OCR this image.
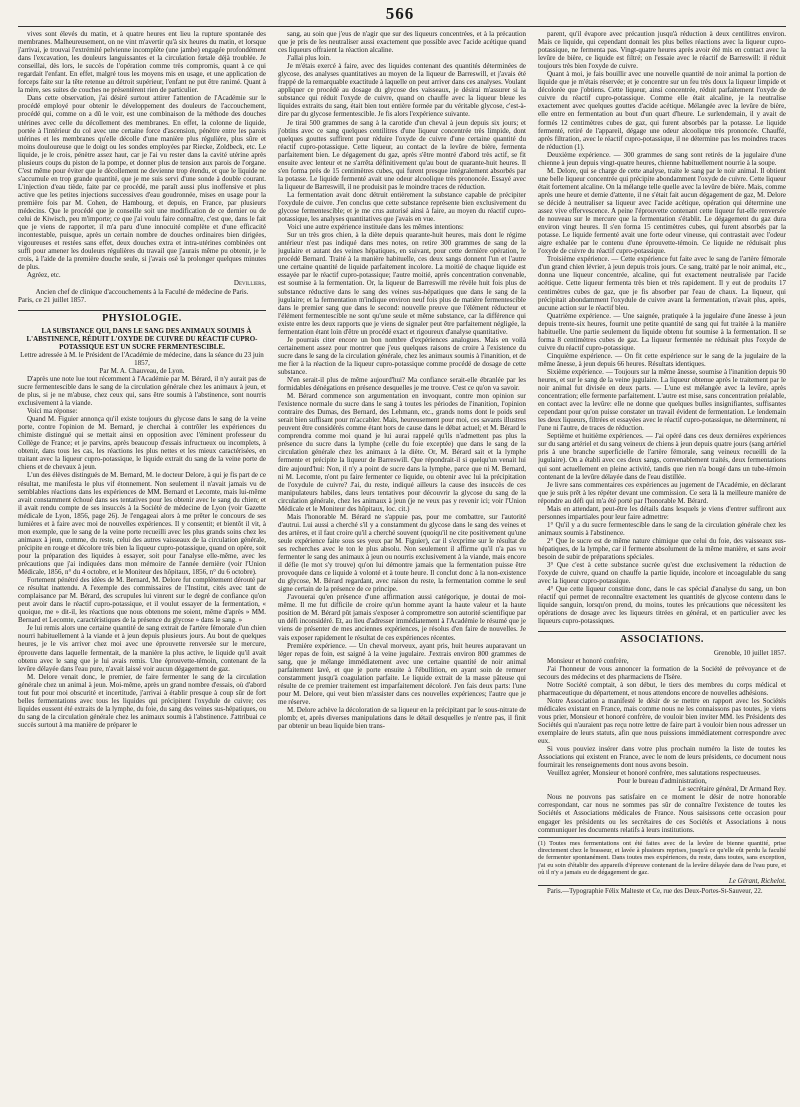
566

vives sont élevés du matin, et à quatre heures ent lieu la rupture spontanée des membranes. Malheureusement, on ne vint m'avertir qu'à six heures du matin, et lorsque j'arrivai, je trouvai l'extrémité pelvienne incomplète (une jambe) engagée profondément dans l'excavation, les douleurs languissantes et la circulation fœtale déjà troublée. Je conseillai, dès lors, le succès de l'opération comme très compromis, quant à ce qui regardait l'enfant. En effet, malgré tous les moyens mis en usage, et une application de forceps faite sur la tête retenue au détroit supérieur, l'enfant ne put être ranimé. Quant à la mère, ses suites de couches ne présentèrent rien de particulier.

Dans cette observation, j'ai désiré surtout attirer l'attention de l'Académie sur le procédé employé pour obtenir le développement des douleurs de l'accouchement, procédé qui, comme on a dû le voir, est une combinaison de la méthode des douches utérines avec celle du décollement des membranes. En effet, la colonne de liquide, portée à l'intérieur du col avec une certaine force d'ascension, pénètre entre les parois utérines et les membranes qu'elle décolle d'une manière plus régulière, plus sûre et moins douloureuse que le doigt ou les sondes employées par Riecke, Zoldbeck, etc. Le liquide, je le crois, pénètre assez haut, car je l'ai vu rester dans la cavité utérine après plusieurs coups du piston de la pompe, et donner plus de tension aux parois de l'organe. C'est même pour éviter que le décollement ne devienne trop étendu, et que le liquide ne s'accumule en trop grande quantité, que je me suis servi d'une sonde à double courant. L'injection d'eau tiède, faite par ce procédé, me paraît aussi plus inoffensive et plus active que les petites injections successives d'eau goudronnée, mises en usage pour la première fois par M. Cohen, de Hambourg, et depuis, en France, par plusieurs médecins. Que le procédé que je conseille soit une modification de ce dernier ou de celui de Kiwisch, peu m'importe; ce que j'ai voulu faire connaître, c'est que, dans le fait que je viens de rapporter, il m'a paru d'une innocuité complète et d'une efficacité incontestable, puisque, après un certain nombre de douches ordinaires bien dirigées, vigoureuses et restées sans effet, deux douches extra et intra-utérines combinées ont suffi pour amener les douleurs régulières du travail que j'aurais même pu obtenir, je le crois, à l'aide de la première douche seule, si j'avais osé la prolonger quelques minutes de plus.

Agréez, etc.

Devilliers,

Ancien chef de clinique d'accouchements à la Faculté de médecine de Paris.

Paris, ce 21 juillet 1857.

PHYSIOLOGIE.

LA SUBSTANCE QUI, DANS LE SANG DES ANIMAUX SOUMIS À L'ABSTINENCE, RÉDUIT L'OXYDE DE CUIVRE DU RÉACTIF CUPRO-POTASSIQUE EST UN SUCRE FERMENTESCIBLE.

Lettre adressée à M. le Président de l'Académie de médecine, dans la séance du 23 juin 1857,

Par M. A. Chauveau, de Lyon.

D'après une note lue tout récemment à l'Académie par M. Bérard, il n'y aurait pas de sucre fermentescible dans le sang de la circulation générale chez les animaux à jeun, et de plus, si je ne m'abuse, chez ceux qui, sans être soumis à l'abstinence, sont nourris exclusivement à la viande.

Voici ma réponse:

Quand M. Figuier annonça qu'il existe toujours du glycose dans le sang de la veine porte, contre l'opinion de M. Bernard, je cherchai à contrôler les expériences du chimiste distingué qui se mettait ainsi en opposition avec l'éminent professeur du Collège de France; et je parvins, après beaucoup d'essais infructueux ou incomplets, à obtenir, dans tous les cas, les réactions les plus nettes et les mieux caractérisées, en traitant avec la liqueur cupro-potassique, le liquide extrait du sang de la veine porte de chiens et de chevaux à jeun.

L'un des élèves distingués de M. Bernard, M. le docteur Delore, à qui je fis part de ce résultat, me manifesta le plus vif étonnement. Non seulement il n'avait jamais vu de semblables réactions dans les expériences de MM. Bernard et Lecomte, mais lui-même avait constamment échoué dans ses tentatives pour les obtenir avec le sang du chien; et il avait rendu compte de ses insuccès à la Société de médecine de Lyon (voir Gazette médicale de Lyon, 1856, page 26). Je l'engageai alors à me prêter le concours de ses lumières et à faire avec moi de nouvelles expériences. Il y consentit; et bientôt il vit, à mon exemple, que le sang de la veine porte recueilli avec les plus grands soins chez les animaux à jeun, comme, du reste, celui des autres vaisseaux de la circulation générale, précipite en rouge et décolore très bien la liqueur cupro-potassique, quand on opère, soit pour la préparation des liquides à essayer, soit pour l'analyse elle-même, avec les précautions que j'ai indiquées dans mon mémoire de l'année dernière (voir l'Union Médicale, 1856, n° du 4 octobre, et le Moniteur des hôpitaux, 1856, n° du 6 octobre).

Fortement pénétré des idées de M. Bernard, M. Delore fut complètement dérouté par ce résultat inattendu. A l'exemple des commissaires de l'Institut, cités avec tant de complaisance par M. Bérard, des scrupules lui vinrent sur le degré de confiance qu'on peut avoir dans le réactif cupro-potassique, et il voulut essayer de la fermentation, « quoique, me » dit-il, les réactions que nous obtenons me soient, même d'après » MM. Bernard et Lecomte, caractéristiques de la présence du glycose » dans le sang. »

Je lui remis alors une certaine quantité de sang extrait de l'artère fémorale d'un chien nourri habituellement à la viande et à jeun depuis plusieurs jours. Au bout de quelques heures, je le vis arriver chez moi avec une éprouvette renversée sur le mercure, éprouvette dans laquelle fermentait, de la manière la plus active, le liquide qu'il avait obtenu avec le sang que je lui avais remis. Une éprouvette-témoin, contenant de la levûre délayée dans l'eau pure, n'avait laissé voir aucun dégagement de gaz.

M. Delore venait donc, le premier, de faire fermenter le sang de la circulation générale chez un animal à jeun. Moi-même, après un grand nombre d'essais, où d'abord tout fut pour moi obscurité et incertitude, j'arrivai à établir presque à coup sûr de fort belles fermentations avec tous les liquides qui précipitent l'oxydule de cuivre; ces liquides eussent été extraits de la lymphe, du foie, du sang des veines sus-hépatiques, ou du sang de la circulation générale chez les animaux soumis à l'abstinence. J'attribuai ce succès surtout à ma manière de préparer le

sang, au soin que j'eus de n'agir que sur des liqueurs concentrées, et à la précaution que je pris de les neutraliser aussi exactement que possible avec l'acide acétique quand ces liqueurs offraient la réaction alcaline.

J'allai plus loin.

Je m'étais exercé à faire, avec des liquides contenant des quantités déterminées de glycose, des analyses quantitatives au moyen de la liqueur de Barreswill, et j'avais été frappé de la remarquable exactitude à laquelle on peut arriver dans ces analyses. Voulant appliquer ce procédé au dosage du glycose des vaisseaux, je désirai m'assurer si la substance qui réduit l'oxyde de cuivre, quand on chauffe avec la liqueur bleue les liquides extraits du sang, était bien tout entière formée par du véritable glycose, c'est-à-dire par du glycose fermentescible. Je fis alors l'expérience suivante.

Je tirai 500 grammes de sang à la carotide d'un cheval à jeun depuis six jours; et j'obtins avec ce sang quelques centilitres d'une liqueur concentrée très limpide, dont quelques gouttes suffirent pour réduire l'oxyde de cuivre d'une certaine quantité du réactif cupro-potassique. Cette liqueur, au contact de la levûre de bière, fermenta parfaitement bien. Le dégagement du gaz, après s'être montré d'abord très actif, se fit ensuite avec lenteur et ne s'arrêta définitivement qu'au bout de quarante-huit heures. Il s'en forma près de 15 centimètres cubes, qui furent presque intégralement absorbés par la potasse. Le liquide fermenté avait une odeur alcoolique très prononcée. Essayé avec la liqueur de Barreswill, il ne produisit pas le moindre traces de réduction.

La fermentation avait donc détruit entièrement la substance capable de précipiter l'oxydule de cuivre. J'en conclus que cette substance représente bien exclusivement du glycose fermentescible; et je me crus autorisé ainsi à faire, au moyen du réactif cupro-potassique, les analyses quantitatives que j'avais en vue.

Voici une autre expérience instituée dans les mêmes intentions:

Sur un très gros chien, à la diète depuis quarante-huit heures, mais dont le régime antérieur n'est pas indiqué dans mes notes, on retire 300 grammes de sang de la jugulaire et autant des veines hépatiques, en suivant, pour cette dernière opération, le procédé Bernard. Traité à la manière habituelle, ces deux sangs donnent l'un et l'autre une certaine quantité de liquide parfaitement incolore. La moitié de chaque liquide est essayée par le réactif cupro-potassique; l'autre moitié, après concentration convenable, est soumise à la fermentation. Or, la liqueur de Barreswill me révèle huit fois plus de substance réductive dans le sang des veines sus-hépatiques que dans le sang de la jugulaire; et la fermentation m'indique environ neuf fois plus de matière fermentescible dans le premier sang que dans le second: nouvelle preuve que l'élément réducteur et l'élément fermentescible ne sont qu'une seule et même substance, car la différence qui existe entre les deux rapports que je viens de signaler peut être parfaitement négligée, la fermentation étant loin d'être un procédé exact et rigoureux d'analyse quantitative.

Je pourrais citer encore un bon nombre d'expériences analogues. Mais en voilà certainement assez pour montrer que j'eus quelques raisons de croire à l'existence du sucre dans le sang de la circulation générale, chez les animaux soumis à l'inanition, et de me fier à la réaction de la liqueur cupro-potassique comme procédé de dosage de cette substance.

N'en serait-il plus de même aujourd'hui? Ma confiance serait-elle ébranlée par les formidables dénégations en présence desquelles je me trouve. C'est ce qu'on va savoir.

M. Bérard commence son argumentation en invoquant, contre mon opinion sur l'existence normale du sucre dans le sang à toutes les périodes de l'inanition, l'opinion contraire des Dumas, des Bernard, des Lehmann, etc., grands noms dont le poids seul serait bien suffisant pour m'accabler. Mais, heureusement pour moi, ces savants illustres peuvent être considérés comme étant hors de cause dans le débat actuel; et M. Bérard le comprendra comme moi quand je lui aurai rappelé qu'ils n'admettent pas plus la présence du sucre dans la lymphe (celle du foie exceptée) que dans le sang de la circulation générale chez les animaux à la diète. Or, M. Bérard sait et la lymphe fermente et précipite la liqueur de Barreswill. Que répondrait-il si quelqu'un venait lui dire aujourd'hui: Non, il n'y a point de sucre dans la lymphe, parce que ni M. Bernard, ni M. Lecomte, n'ont pu faire fermenter ce liquide, ou obtenir avec lui la précipitation de l'oxydule de cuivre? J'ai, du reste, indiqué ailleurs la cause des insuccès de ces manipulateurs habiles, dans leurs tentatives pour découvrir la glycose du sang de la circulation générale, chez les animaux à jeun (je ne veux pas y revenir ici; voir l'Union Médicale et le Moniteur des hôpitaux, loc. cit.)

Mais l'honorable M. Bérard ne s'appuie pas, pour me combattre, sur l'autorité d'autrui. Lui aussi a cherché s'il y a constamment du glycose dans le sang des veines et des artères, et il faut croire qu'il a cherché souvent (quoiqu'il ne cite positivement qu'une seule expérience faite sous ses yeux par M. Figuier), car il s'exprime sur le résultat de ses recherches avec le ton le plus absolu. Non seulement il affirme qu'il n'a pas vu fermenter le sang des animaux à jeun ou nourris exclusivement à la viande, mais encore il défie (le mot s'y trouve) qu'on lui démontre jamais que la fermentation puisse être provoquée dans ce liquide à volonté et à toute heure. Il conclut donc à la non-existence du glycose, M. Bérard regardant, avec raison du reste, la fermentation comme le seul signe certain de la présence de ce principe.

J'avouerai qu'en présence d'une affirmation aussi catégorique, je doutai de moi-même. Il me fut difficile de croire qu'un homme ayant la haute valeur et la haute position de M. Bérard pût jamais s'exposer à compromettre son autorité scientifique par un défi inconsidéré. Et, au lieu d'adresser immédiatement à l'Académie le résumé que je viens de présenter de mes anciennes expériences, je résolus d'en faire de nouvelles. Je vais exposer rapidement le résultat de ces expériences récentes.

Première expérience. — Un cheval morveux, ayant pris, huit heures auparavant un léger repas de foin, est saigné à la veine jugulaire. J'extrais environ 800 grammes de sang, que je mélange immédiatement avec une certaine quantité de noir animal parfaitement lavé, et que je porte ensuite à l'ébullition, en ayant soin de remuer constamment jusqu'à coagulation parfaite. Le liquide extrait de la masse pâteuse qui résulte de ce premier traitement est imparfaitement décoloré. J'en fais deux parts: l'une pour M. Delore, qui veut bien m'assister dans ces nouvelles expériences; l'autre que je me réserve.

M. Delore achève la décoloration de sa liqueur en la précipitant par le sous-nitrate de plomb; et, après diverses manipulations dans le détail desquelles je n'entre pas, il finit par obtenir un beau liquide bien trans-

parent, qu'il évapore avec précaution jusqu'à réduction à deux centilitres environ. Mais ce liquide, qui cependant donnait les plus belles réactions avec la liqueur cupro-potassique, ne fermenta pas. Vingt-quatre heures après avoir été mis en contact avec la levûre de bière, ce liquide est filtré; on l'essaie avec le réactif de Barreswill: il réduit toujours très bien l'oxyde de cuivre.

Quant à moi, je fais bouillir avec une nouvelle quantité de noir animal la portion de liquide que je m'étais réservée; et je concentre sur un feu très doux la liqueur limpide et décolorée que j'obtiens. Cette liqueur, ainsi concentrée, réduit parfaitement l'oxyde de cuivre du réactif cupro-potassique. Comme elle était alcaline, je la neutralise exactement avec quelques gouttes d'acide acétique. Mélangée avec la levûre de bière, elle entre en fermentation au bout d'un quart d'heure. Le surlendemain, il y avait de formés 12 centimètres cubes de gaz, qui furent absorbés par la potasse. Le liquide fermenté, retiré de l'appareil, dégage une odeur alcoolique très prononcée. Chauffé, après filtration, avec le réactif cupro-potassique, il ne détermine pas les moindres traces de réduction (1).

Deuxième expérience. — 300 grammes de sang sont retirés de la jugulaire d'une chienne à jeun depuis vingt-quatre heures, chienne habituellement nourrie à la soupe.

M. Delore, qui se charge de cette analyse, traite le sang par le noir animal. Il obtient une belle liqueur concentrée qui précipite abondamment l'oxyde de cuivre. Cette liqueur était fortement alcaline. On la mélange telle quelle avec la levûre de bière. Mais, comme après une heure et demie d'attente, il ne s'était fait aucun dégagement de gaz, M. Delore se décide à neutraliser sa liqueur avec l'acide acétique, opération qui détermine une assez vive effervescence. A peine l'éprouvette contenant cette liqueur fut-elle renversée de nouveau sur le mercure que la fermentation s'établit. Le dégagement du gaz dura environ vingt heures. Il s'en forma 15 centimètres cubes, qui furent absorbés par la potasse. Le liquide fermenté avait une forte odeur vineuse, qui contrastait avec l'odeur aigre exhalée par le contenu d'une éprouvette-témoin. Ce liquide ne réduisait plus l'oxyde de cuivre du réactif cupro-potassique.

Troisième expérience. — Cette expérience fut faite avec le sang de l'artère fémorale d'un grand chien lévrier, à jeun depuis trois jours. Ce sang, traité par le noir animal, etc., donna une liqueur concentrée, alcaline, qui fut exactement neutralisée par l'acide acétique. Cette liqueur fermenta très bien et très rapidement. Il y eut de produits 17 centimètres cubes de gaz, que je fis absorber par l'eau de chaux. La liqueur, qui précipitait abondamment l'oxydule de cuivre avant la fermentation, n'avait plus, après, aucune action sur le réactif bleu.

Quatrième expérience. — Une saignée, pratiquée à la jugulaire d'une ânesse à jeun depuis trente-six heures, fournit une petite quantité de sang qui fut traitée à la manière habituelle. Une partie seulement du liquide obtenu fut soumise à la fermentation. Il se forma 8 centimètres cubes de gaz. La liqueur fermentée ne réduisait plus l'oxyde de cuivre du réactif cupro-potassique.

Cinquième expérience. — On fit cette expérience sur le sang de la jugulaire de la même ânesse, à jeun depuis 66 heures. Résultats identiques.

Sixième expérience. — Toujours sur la même ânesse, soumise à l'inanition depuis 90 heures, et sur le sang de la veine jugulaire. La liqueur obtenue après le traitement par le noir animal fut divisée en deux parts. — L'une est mélangée avec la levûre, après concentration; elle fermente parfaitement. L'autre est mise, sans concentration préalable, en contact avec la levûre: elle ne donne que quelques bulles insignifiantes, suffisantes cependant pour qu'on puisse constater un travail évident de fermentation. Le lendemain les deux liqueurs, filtrées et essayées avec le réactif cupro-potassique, ne déterminent, ni l'une ni l'autre, de traces de réduction.

Septième et huitième expériences. — J'ai opéré dans ces deux dernières expériences sur du sang artériel et du sang veineux de chiens à jeun depuis quatre jours (sang artériel pris à une branche superficielle de l'artère fémorale, sang veineux recueilli de la jugulaire). On a établi avec ces deux sangs, convenablement traités, deux fermentations qui sont actuellement en pleine activité, tandis que rien n'a bougé dans un tube-témoin contenant de la levûre délayée dans de l'eau distillée.

Je livre sans commentaires ces expériences au jugement de l'Académie, en déclarant que je suis prêt à les répéter devant une commission. Ce sera là la meilleure manière de répondre au défi qui m'a été porté par l'honorable M. Bérard.

Mais en attendant, peut-être les détails dans lesquels je viens d'entrer suffiront aux personnes impartiales pour leur faire admettre:

1° Qu'il y a du sucre fermentescible dans le sang de la circulation générale chez les animaux soumis à l'abstinence.

2° Que le sucre est de même nature chimique que celui du foie, des vaisseaux sus-hépatiques, de la lymphe, car il fermente absolument de la même manière, et sans avoir besoin de subir de préparations spéciales.

3° Que c'est à cette substance sucrée qu'est due exclusivement la réduction de l'oxyde de cuivre, quand on chauffe la partie liquide, incolore et incoagulable du sang avec la liqueur cupro-potassique.

4° Que cette liqueur constitue donc, dans le cas spécial d'analyse du sang, un bon réactif qui permet de reconnaître exactement les quantités de glycose contenu dans le liquide sanguin, lorsqu'on prend, du moins, toutes les précautions que nécessitent les opérations de dosage avec les liqueurs titrées en général, et en particulier avec les liqueurs cupro-potassiques.

ASSOCIATIONS.

Grenoble, 10 juillet 1857.

Monsieur et honoré confrère,

J'ai l'honneur de vous annoncer la formation de la Société de prévoyance et de secours des médecins et des pharmaciens de l'Isère.

Notre Société comptait, à son début, le tiers des membres du corps médical et pharmaceutique du département, et nous attendons encore de nouvelles adhésions.

Notre Association a manifesté le désir de se mettre en rapport avec les Sociétés médicales existant en France, mais comme nous ne les connaissons pas toutes, je viens vous prier, Monsieur et honoré confrère, de vouloir bien inviter MM. les Présidents des Sociétés qui n'auraient pas reçu notre lettre de faire part à vouloir bien nous adresser un exemplaire de leurs statuts, afin que nous puissions immédiatement correspondre avec eux.

Si vous pouviez insérer dans votre plus prochain numéro la liste de toutes les Associations qui existent en France, avec le nom de leurs présidents, ce document nous fournirait les renseignements dont nous avons besoin.

Veuillez agréer, Monsieur et honoré confrère, mes salutations respectueuses.

Pour le bureau d'administration,

Le secrétaire général, Dr Armand Rey.

Nous ne pouvons pas satisfaire en ce moment le désir de notre honorable correspondant, car nous ne sommes pas sûr de connaître l'existence de toutes les Sociétés et Associations médicales de France. Nous saisissons cette occasion pour engager les présidents ou les secrétaires de ces Sociétés et Associations à nous communiquer les documents relatifs à leurs institutions.

(1) Toutes mes fermentations ont été faites avec de la levûre de bienne quantité, prise directement chez le brasseur, et lavée à plusieurs reprises, jusqu'à ce qu'elle eût perdu la faculté de fermenter spontanément. Dans toutes mes expériences, du reste, dans toutes, sans exception, j'ai eu soin d'établir des appareils d'épreuve contenant de la levûre délayée dans de l'eau pure, et où il n'y a jamais eu de dégagement de gaz.

Le Gérant, Richelot.

Paris.—Typographie Félix Malteste et Ce, rue des Deux-Portes-St-Sauveur, 22.
